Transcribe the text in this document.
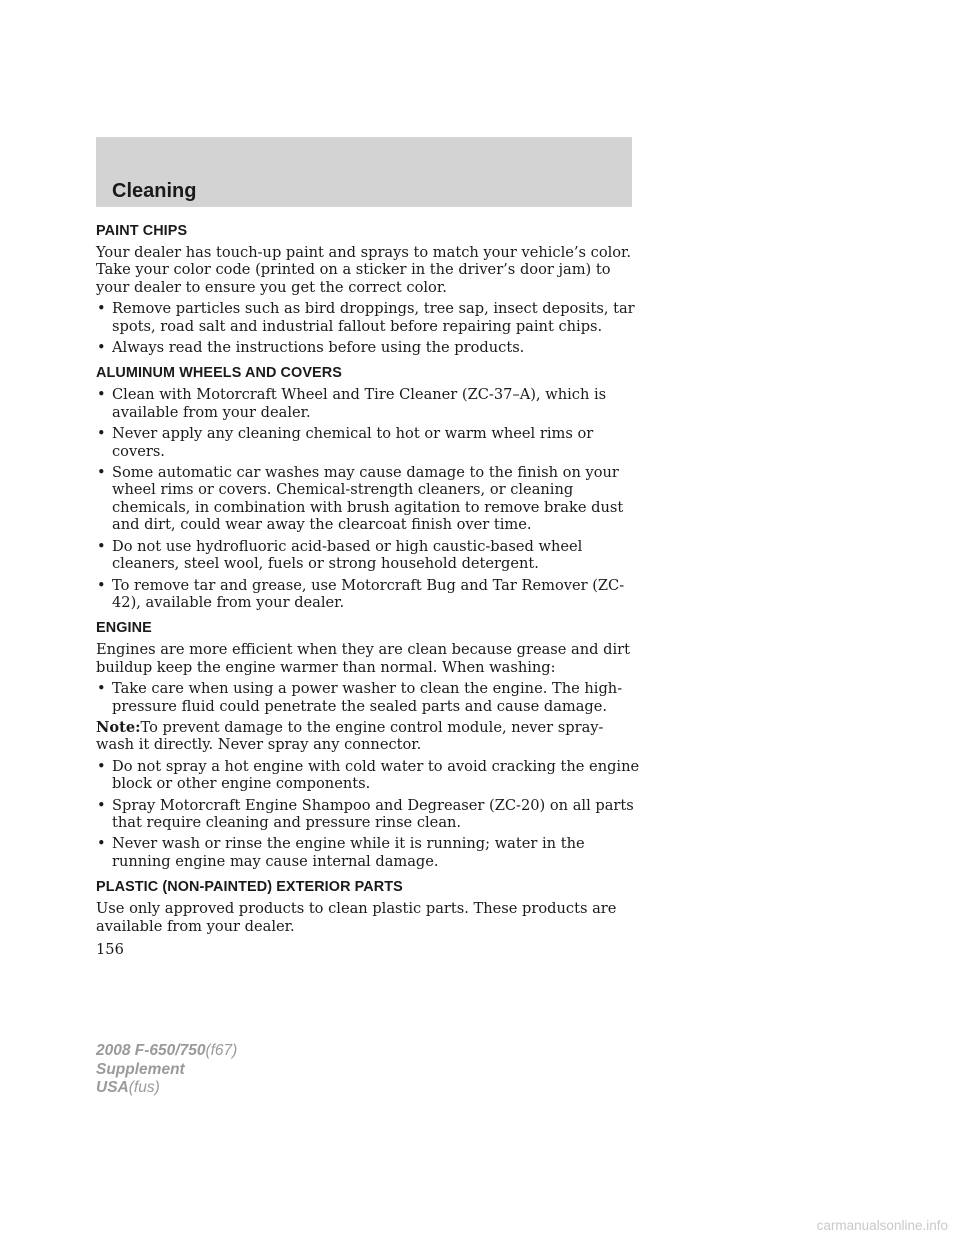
Cleaning
PAINT CHIPS

Your dealer has touch-up paint and sprays to match your vehicle’s color. Take your color code (printed on a sticker in the driver’s door jam) to your dealer to ensure you get the correct color.

• Remove particles such as bird droppings, tree sap, insect deposits, tar spots, road salt and industrial fallout before repairing paint chips.
• Always read the instructions before using the products.
ALUMINUM WHEELS AND COVERS
• Clean with Motorcraft Wheel and Tire Cleaner (ZC-37–A), which is available from your dealer.
• Never apply any cleaning chemical to hot or warm wheel rims or covers.
• Some automatic car washes may cause damage to the finish on your wheel rims or covers. Chemical-strength cleaners, or cleaning chemicals, in combination with brush agitation to remove brake dust and dirt, could wear away the clearcoat finish over time.
• Do not use hydrofluoric acid-based or high caustic-based wheel cleaners, steel wool, fuels or strong household detergent.
• To remove tar and grease, use Motorcraft Bug and Tar Remover (ZC-42), available from your dealer.
ENGINE

Engines are more efficient when they are clean because grease and dirt buildup keep the engine warmer than normal. When washing:

• Take care when using a power washer to clean the engine. The high-pressure fluid could penetrate the sealed parts and cause damage.

Note:To prevent damage to the engine control module, never spray-wash it directly. Never spray any connector.

• Do not spray a hot engine with cold water to avoid cracking the engine block or other engine components.
• Spray Motorcraft Engine Shampoo and Degreaser (ZC-20) on all parts that require cleaning and pressure rinse clean.
• Never wash or rinse the engine while it is running; water in the running engine may cause internal damage.
PLASTIC (NON-PAINTED) EXTERIOR PARTS

Use only approved products to clean plastic parts. These products are available from your dealer.

156

2008 F-650/750(f67)
Supplement
USA(fus)
carmanualsonline.info
